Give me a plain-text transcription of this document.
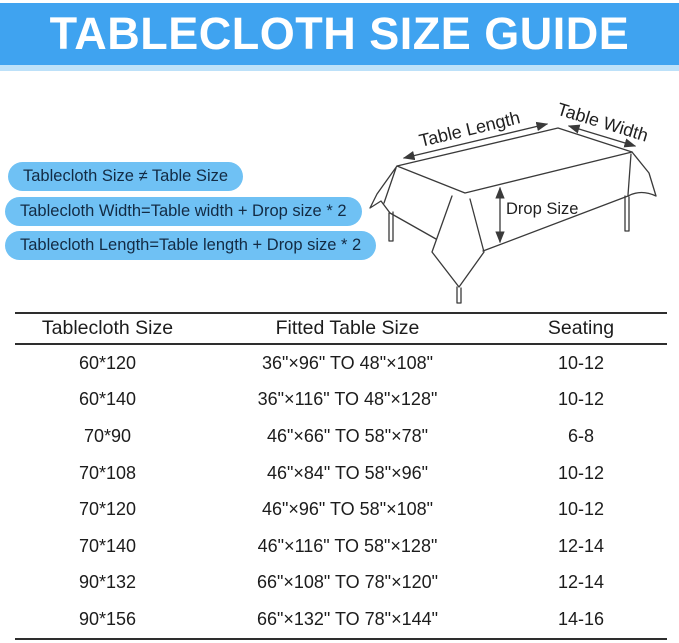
TABLECLOTH SIZE GUIDE
Tablecloth Size ≠ Table Size
Tablecloth Width=Table width + Drop size * 2
Tablecloth Length=Table length + Drop size * 2
Table Length Table Width
Drop Size
Tablecloth Size	Fitted Table Size	Seating
60*120	36"×96" TO 48"×108"	10-12
60*140	36"×116" TO 48"×128"	10-12
70*90	46"×66" TO 58"×78"	6-8
70*108	46"×84" TO 58"×96"	10-12
70*120	46"×96" TO 58"×108"	10-12
70*140	46"×116" TO 58"×128"	12-14
90*132	66"×108" TO 78"×120"	12-14
90*156	66"×132" TO 78"×144"	14-16
